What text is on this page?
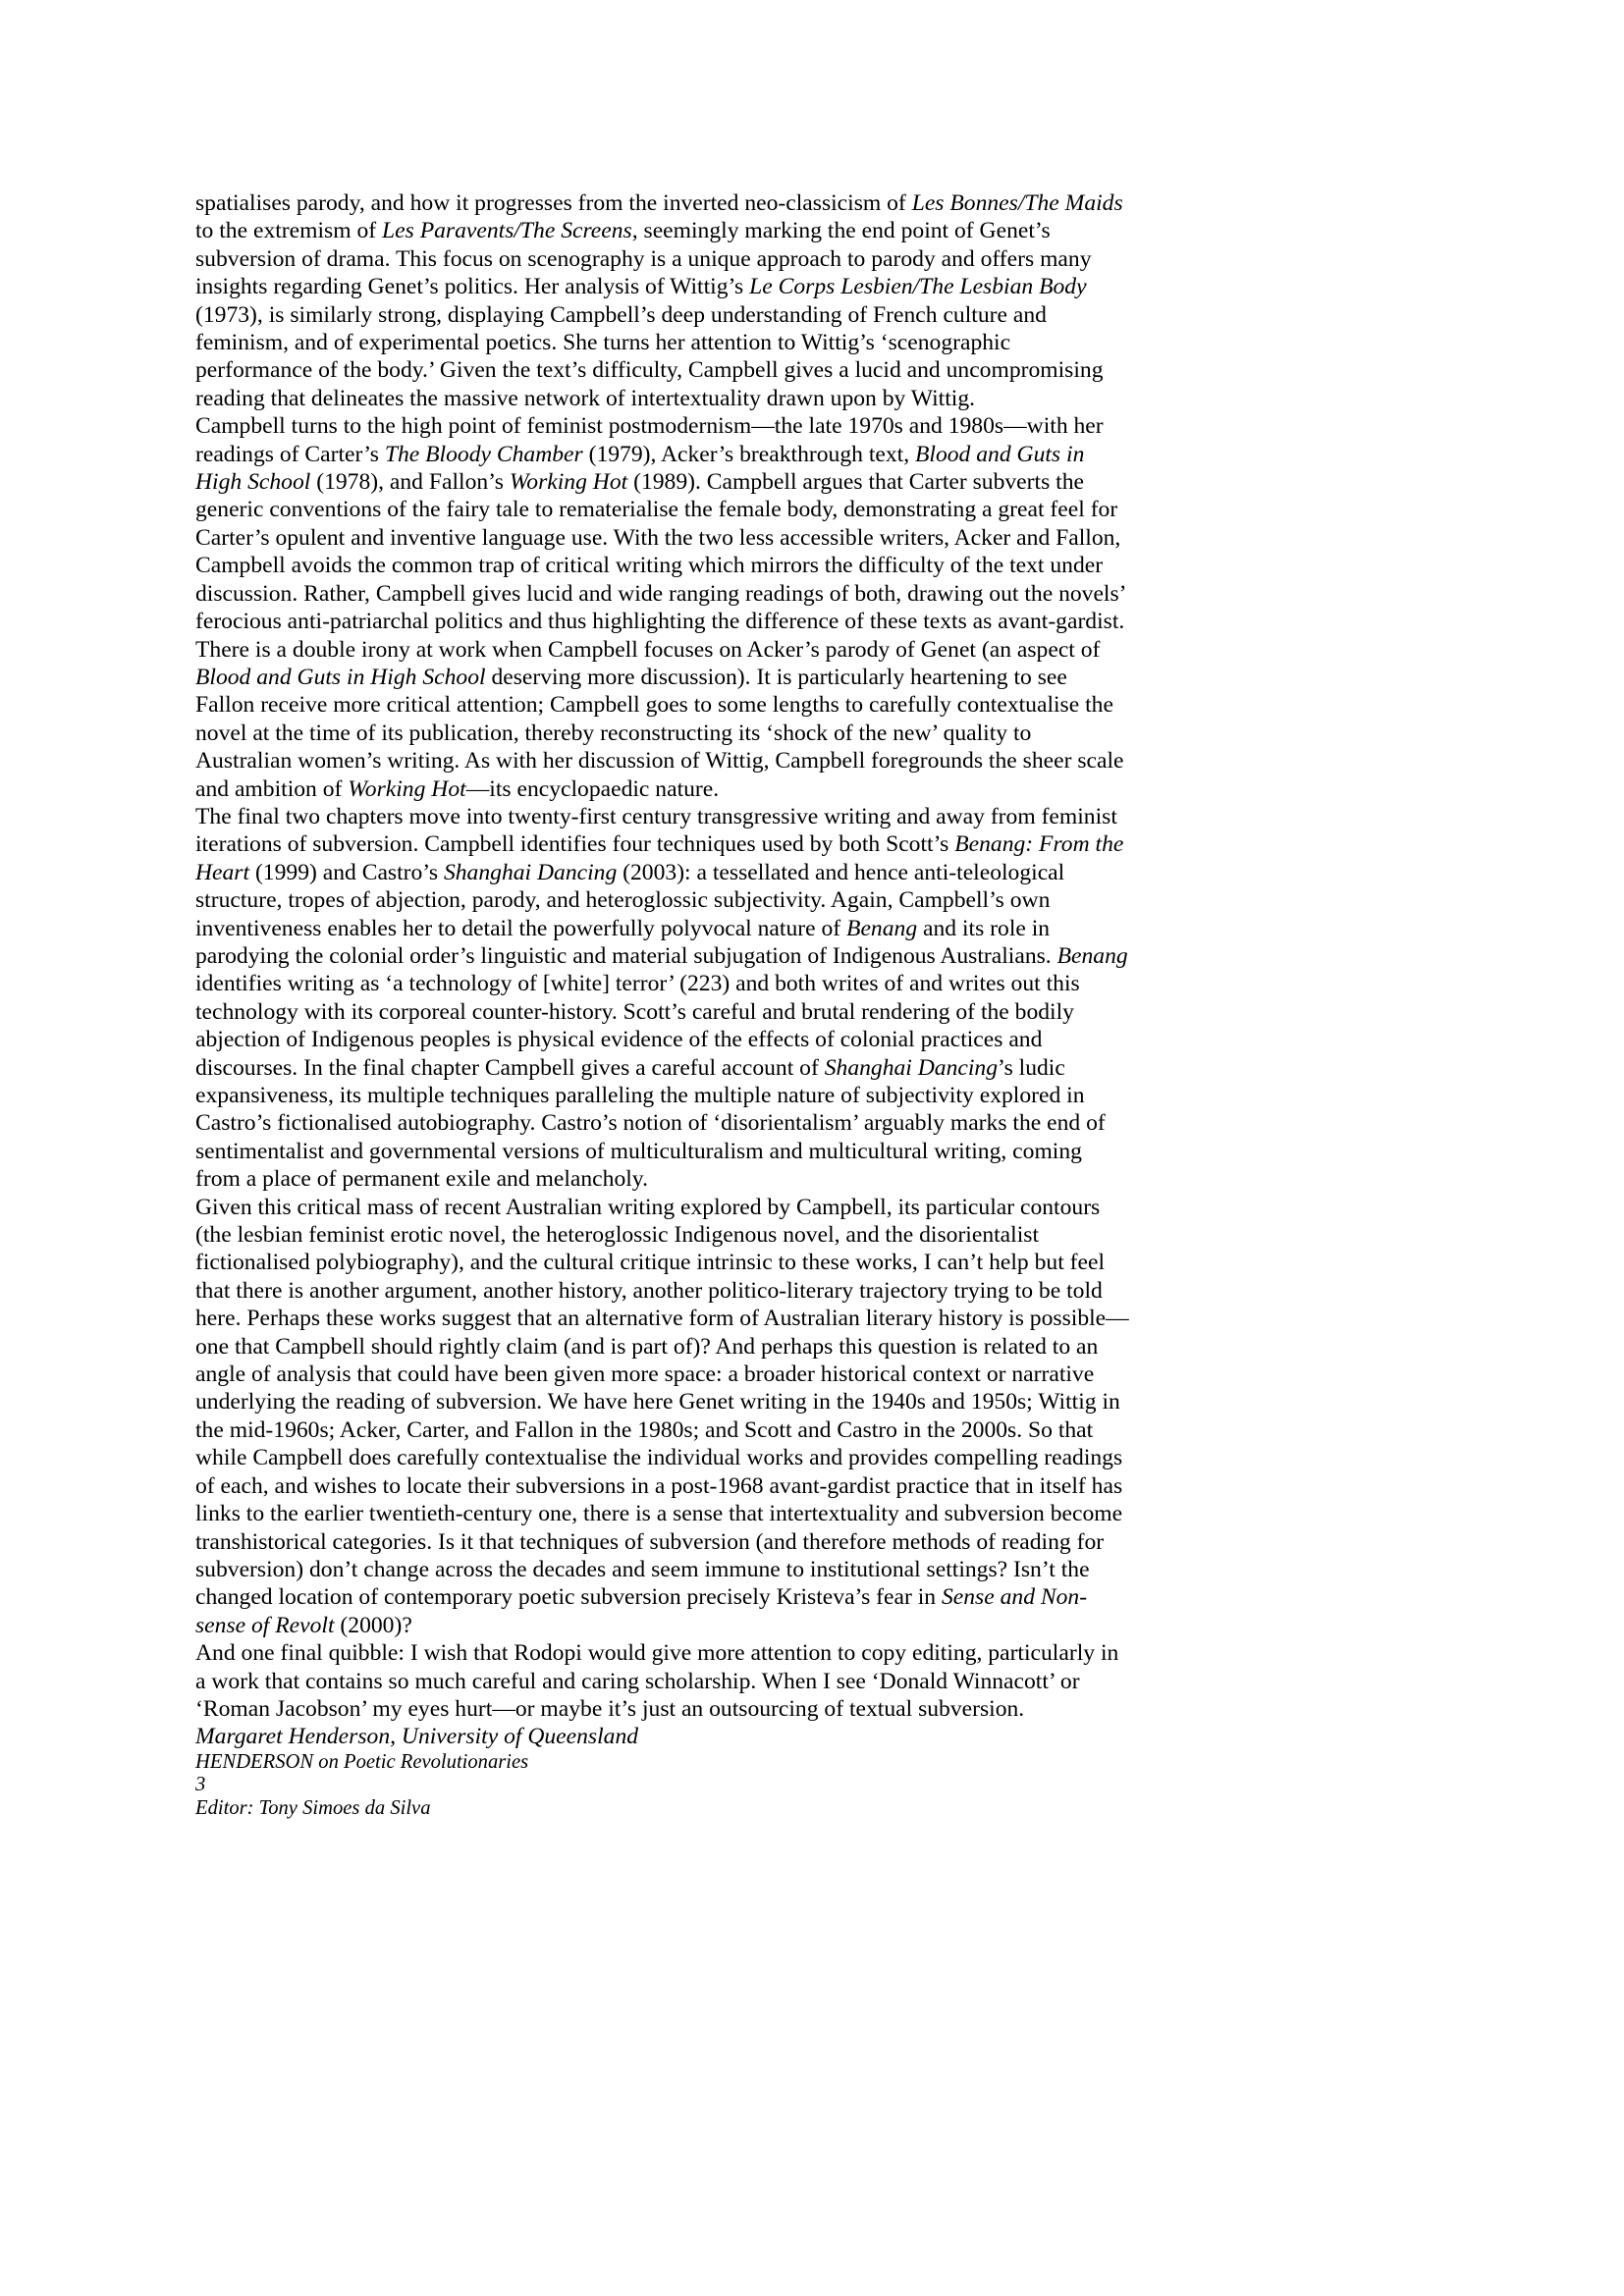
spatialises parody, and how it progresses from the inverted neo-classicism of Les Bonnes/The Maids to the extremism of Les Paravents/The Screens, seemingly marking the end point of Genet’s subversion of drama. This focus on scenography is a unique approach to parody and offers many insights regarding Genet’s politics. Her analysis of Wittig’s Le Corps Lesbien/The Lesbian Body (1973), is similarly strong, displaying Campbell’s deep understanding of French culture and feminism, and of experimental poetics. She turns her attention to Wittig’s ‘scenographic performance of the body.’ Given the text’s difficulty, Campbell gives a lucid and uncompromising reading that delineates the massive network of intertextuality drawn upon by Wittig.

Campbell turns to the high point of feminist postmodernism—the late 1970s and 1980s—with her readings of Carter’s The Bloody Chamber (1979), Acker’s breakthrough text, Blood and Guts in High School (1978), and Fallon’s Working Hot (1989). Campbell argues that Carter subverts the generic conventions of the fairy tale to rematerialise the female body, demonstrating a great feel for Carter’s opulent and inventive language use. With the two less accessible writers, Acker and Fallon, Campbell avoids the common trap of critical writing which mirrors the difficulty of the text under discussion. Rather, Campbell gives lucid and wide ranging readings of both, drawing out the novels’ ferocious anti-patriarchal politics and thus highlighting the difference of these texts as avant-gardist. There is a double irony at work when Campbell focuses on Acker’s parody of Genet (an aspect of Blood and Guts in High School deserving more discussion). It is particularly heartening to see Fallon receive more critical attention; Campbell goes to some lengths to carefully contextualise the novel at the time of its publication, thereby reconstructing its ‘shock of the new’ quality to Australian women’s writing. As with her discussion of Wittig, Campbell foregrounds the sheer scale and ambition of Working Hot—its encyclopaedic nature.

The final two chapters move into twenty-first century transgressive writing and away from feminist iterations of subversion. Campbell identifies four techniques used by both Scott’s Benang: From the Heart (1999) and Castro’s Shanghai Dancing (2003): a tessellated and hence anti-teleological structure, tropes of abjection, parody, and heteroglossic subjectivity. Again, Campbell’s own inventiveness enables her to detail the powerfully polyvocal nature of Benang and its role in parodying the colonial order’s linguistic and material subjugation of Indigenous Australians. Benang identifies writing as ‘a technology of [white] terror’ (223) and both writes of and writes out this technology with its corporeal counter-history. Scott’s careful and brutal rendering of the bodily abjection of Indigenous peoples is physical evidence of the effects of colonial practices and discourses. In the final chapter Campbell gives a careful account of Shanghai Dancing’s ludic expansiveness, its multiple techniques paralleling the multiple nature of subjectivity explored in Castro’s fictionalised autobiography. Castro’s notion of ‘disorientalism’ arguably marks the end of sentimentalist and governmental versions of multiculturalism and multicultural writing, coming from a place of permanent exile and melancholy.

Given this critical mass of recent Australian writing explored by Campbell, its particular contours (the lesbian feminist erotic novel, the heteroglossic Indigenous novel, and the disorientalist fictionalised polybiography), and the cultural critique intrinsic to these works, I can’t help but feel that there is another argument, another history, another politico-literary trajectory trying to be told here. Perhaps these works suggest that an alternative form of Australian literary history is possible—one that Campbell should rightly claim (and is part of)? And perhaps this question is related to an angle of analysis that could have been given more space: a broader historical context or narrative underlying the reading of subversion. We have here Genet writing in the 1940s and 1950s; Wittig in the mid-1960s; Acker, Carter, and Fallon in the 1980s; and Scott and Castro in the 2000s. So that while Campbell does carefully contextualise the individual works and provides compelling readings of each, and wishes to locate their subversions in a post-1968 avant-gardist practice that in itself has links to the earlier twentieth-century one, there is a sense that intertextuality and subversion become transhistorical categories. Is it that techniques of subversion (and therefore methods of reading for subversion) don’t change across the decades and seem immune to institutional settings? Isn’t the changed location of contemporary poetic subversion precisely Kristeva’s fear in Sense and Non-sense of Revolt (2000)?

And one final quibble: I wish that Rodopi would give more attention to copy editing, particularly in a work that contains so much careful and caring scholarship. When I see ‘Donald Winnacott’ or ‘Roman Jacobson’ my eyes hurt—or maybe it’s just an outsourcing of textual subversion.

Margaret Henderson, University of Queensland

HENDERSON on Poetic Revolutionaries

3

Editor: Tony Simoes da Silva
